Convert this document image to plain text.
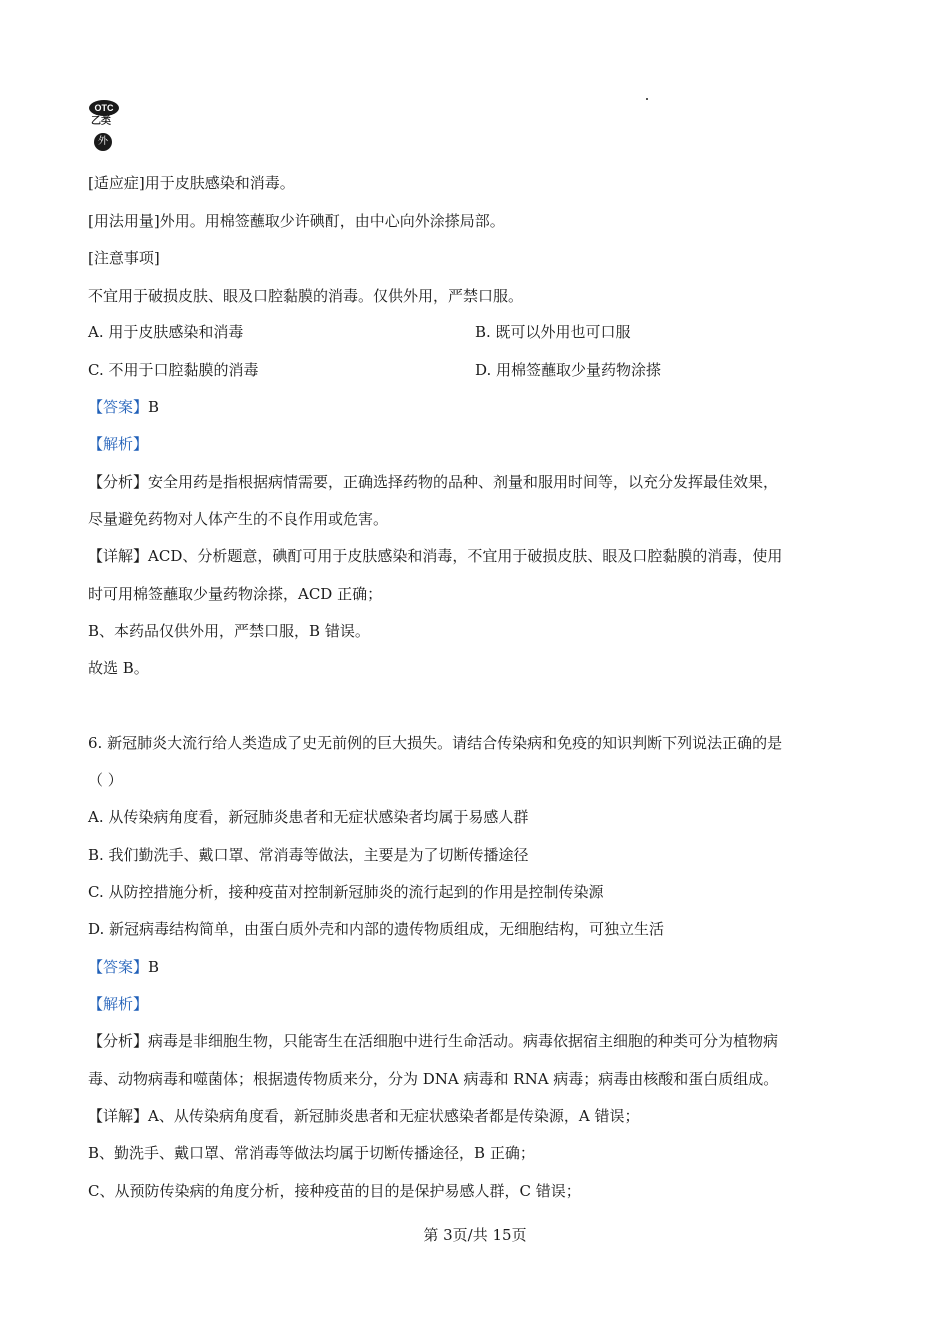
OTC
乙类
外
[适应症]用于皮肤感染和消毒。
[用法用量]外用。用棉签蘸取少许碘酊，由中心向外涂搽局部。
[注意事项]
不宜用于破损皮肤、眼及口腔黏膜的消毒。仅供外用，严禁口服。
A. 用于皮肤感染和消毒	B. 既可以外用也可口服
C. 不用于口腔黏膜的消毒	D. 用棉签蘸取少量药物涂搽
【答案】B
【解析】
【分析】安全用药是指根据病情需要，正确选择药物的品种、剂量和服用时间等，以充分发挥最佳效果，
尽量避免药物对人体产生的不良作用或危害。
【详解】ACD、分析题意，碘酊可用于皮肤感染和消毒，不宜用于破损皮肤、眼及口腔黏膜的消毒，使用
时可用棉签蘸取少量药物涂搽，ACD 正确；
B、本药品仅供外用，严禁口服，B 错误。
故选 B。
6. 新冠肺炎大流行给人类造成了史无前例的巨大损失。请结合传染病和免疫的知识判断下列说法正确的是
（ ）
A. 从传染病角度看，新冠肺炎患者和无症状感染者均属于易感人群
B. 我们勤洗手、戴口罩、常消毒等做法，主要是为了切断传播途径
C. 从防控措施分析，接种疫苗对控制新冠肺炎的流行起到的作用是控制传染源
D. 新冠病毒结构简单，由蛋白质外壳和内部的遗传物质组成，无细胞结构，可独立生活
【答案】B
【解析】
【分析】病毒是非细胞生物，只能寄生在活细胞中进行生命活动。病毒依据宿主细胞的种类可分为植物病
毒、动物病毒和噬菌体；根据遗传物质来分，分为 DNA 病毒和 RNA 病毒；病毒由核酸和蛋白质组成。
【详解】A、从传染病角度看，新冠肺炎患者和无症状感染者都是传染源，A 错误；
B、勤洗手、戴口罩、常消毒等做法均属于切断传播途径，B 正确；
C、从预防传染病的角度分析，接种疫苗的目的是保护易感人群，C 错误；
第 3页/共 15页
